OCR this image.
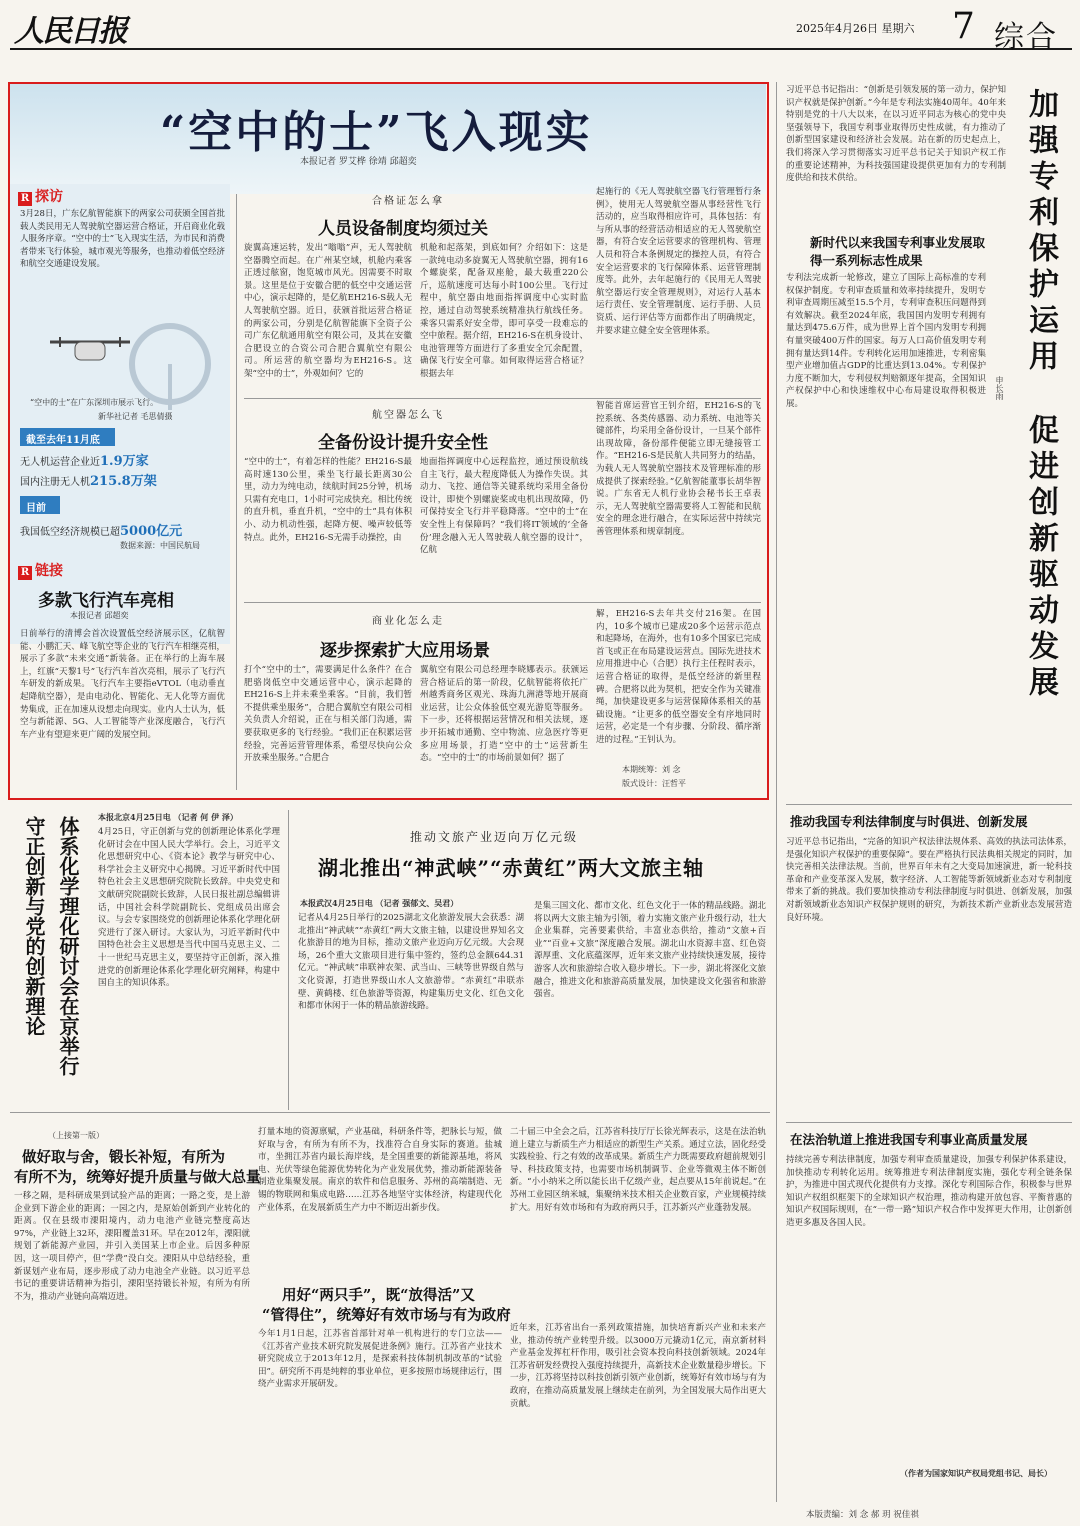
人民日报	2025年4月26日 星期六 7 综合
“空中的士”飞入现实
本报记者 罗艾桦 徐靖 邱超奕
R 探访
3月28日，广东亿航智能旗下的两家公司获颁全国首批载人类民用无人驾驶航空器运营合格证，开启商业化载人服务序章。“空中的士”飞入现实生活，为市民和消费者带来飞行体验，城市观光等服务，也推动着低空经济和航空交通建设发展。
“空中的士”在广东深圳市展示飞行。
新华社记者 毛思倩摄
截至去年11月底
无人机运营企业近1.9万家
国内注册无人机215.8万架
目前
我国低空经济规模已超5000亿元
数据来源：中国民航局
R 链接
多款飞行汽车亮相
本报记者 邱超奕
日前举行的清博会首次设置低空经济展示区，亿航智能、小鹏汇天、峰飞航空等企业的飞行汽车相继亮相，展示了多款“未来交通”新装备。正在举行的上海车展上，红旗“天黎1号”飞行汽车首次亮相，展示了飞行汽车研发的新成果。飞行汽车主要指eVTOL（电动垂直起降航空器），是由电动化、智能化、无人化等方面优势集成，正在加速从设想走向现实。业内人士认为，低空与新能源、5G、人工智能等产业深度融合，飞行汽车产业有望迎来更广阔的发展空间。
合格证怎么拿
人员设备制度均须过关
旋翼高速运转，发出“嗡嗡”声，无人驾驶航空器腾空而起。在广州某空域，机舱内乘客正透过舷窗，饱览城市风光。因需要不时取景。这里是位于安徽合肥的低空中交通运营中心，演示起降的，是亿航EH216-S载人无人驾驶航空器。近日，获颁首批运营合格证的两家公司，分别是亿航智能旗下全资子公司广东亿航通用航空有限公司，及其在安徽合肥设立的合资公司合肥合翼航空有限公司。所运营的航空器均为EH216-S。这架“空中的士”，外观如何？它的
机舱和起落架，到底如何？介绍如下：这是一款纯电动多旋翼无人驾驶航空器，拥有16个螺旋桨，配备双座舱，最大载重220公斤，巡航速度可达每小时100公里。飞行过程中，航空器由地面指挥调度中心实时监控，通过自动驾驶系统精准执行航线任务。乘客只需系好安全带，即可享受一段难忘的空中旅程。据介绍，EH216-S在机身设计、电池管理等方面进行了多重安全冗余配置，确保飞行安全可靠。如何取得运营合格证？根据去年
起施行的《无人驾驶航空器飞行管理暂行条例》，使用无人驾驶航空器从事经营性飞行活动的，应当取得相应许可，具体包括：有与所从事的经营活动相适应的无人驾驶航空器，有符合安全运营要求的管理机构、管理人员和符合本条例规定的操控人员，有符合安全运营要求的飞行保障体系、运营管理制度等。此外，去年起施行的《民用无人驾驶航空器运行安全管理规则》，对运行人基本运行责任、安全管理制度、运行手册、人员资质、运行评估等方面都作出了明确规定，并要求建立健全安全管理体系。
航空器怎么飞
全备份设计提升安全性
“空中的士”，有着怎样的性能？EH216-S最高时速130公里，乘坐飞行最长距离30公里，动力为纯电动，续航时间25分钟，机场只需有充电口，1小时可完成快充。相比传统的直升机，垂直升机，“空中的士”具有体积小、动力机动性强，起降方便、噪声较低等特点。此外，EH216-S无需手动操控，由
地面指挥调度中心远程监控，通过预设航线自主飞行，最大程度降低人为操作失误。其动力、飞控、通信等关键系统均采用全备份设计，即使个别螺旋桨或电机出现故障，仍可保持安全飞行并平稳降落。“空中的士”在安全性上有保障吗？“我们将IT领域的‘全备份’理念融入无人驾驶载人航空器的设计”，亿航
智能首席运营官王钊介绍，EH216-S的飞控系统、各类传感器、动力系统、电池等关键部件，均采用全备份设计，一旦某个部件出现故障，备份部件便能立即无缝接管工作。“EH216-S是民航人共同努力的结晶，为载人无人驾驶航空器技术及管理标准的形成提供了探索经验。”亿航智能董事长胡华智说。广东省无人机行业协会秘书长王卓表示，无人驾驶航空器需要将人工智能和民航安全的理念进行融合，在实际运营中持续完善管理体系和规章制度。
商业化怎么走
逐步探索扩大应用场景
打个“空中的士”，需要满足什么条件？在合肥骆岗低空中交通运营中心，演示起降的EH216-S上并未乘坐乘客。“目前，我们暂不提供乘坐服务”，合肥合翼航空有限公司相关负责人介绍说，正在与相关部门沟通，需要获取更多的飞行经验。“我们正在积累运营经验，完善运营管理体系，希望尽快向公众开放乘坐服务。”合肥合
翼航空有限公司总经理李晓娜表示。获颁运营合格证后的第一阶段，亿航智能将依托广州越秀商务区观光、珠海九洲港等地开展商业运营，让公众体验低空观光游览等服务。下一步，还将根据运营情况和相关法规，逐步开拓城市通勤、空中物流、应急医疗等更多应用场景，打造“空中的士”运营新生态。“空中的士”的市场前景如何？据了
解，EH216-S去年共交付216架。在国内，10多个城市已建成20多个运营示范点和起降场，在海外，也有10多个国家已完成首飞或正在布局建设运营点。国际先进技术应用推进中心（合肥）执行主任程时表示，运营合格证的取得，是低空经济的新里程碑。合肥将以此为契机，把安全作为关键准绳，加快建设更多与运营保障体系相关的基础设施。“让更多的低空器安全有序地同时运营，必定是一个有步骤、分阶段、循序渐进的过程。”王钊认为。
本期统筹：刘 念
版式设计：汪哲平
习近平总书记指出：“创新是引领发展的第一动力，保护知识产权就是保护创新。”今年是专利法实施40周年。40年来特别是党的十八大以来，在以习近平同志为核心的党中央坚强领导下，我国专利事业取得历史性成就，有力推动了创新型国家建设和经济社会发展。站在新的历史起点上，我们将深入学习贯彻落实习近平总书记关于知识产权工作的重要论述精神，为科技强国建设提供更加有力的专利制度供给和技术供给。	加强专利保护运用
促进创新驱动发展
申长雨
新时代以来我国专利事业发展取得一系列标志性成果
专利法完成新一轮修改，建立了国际上高标准的专利权保护制度。专利审查质量和效率持续提升，发明专利审查周期压减至15.5个月，专利审查积压问题得到有效解决。截至2024年底，我国国内发明专利拥有量达到475.6万件，成为世界上首个国内发明专利拥有量突破400万件的国家。每万人口高价值发明专利拥有量达到14件。专利转化运用加速推进，专利密集型产业增加值占GDP的比重达到13.04%。专利保护力度不断加大，专利侵权判赔额逐年提高，全国知识产权保护中心和快速维权中心布局建设取得积极进展。
推动我国专利法律制度与时俱进、创新发展
习近平总书记指出，“完备的知识产权法律法规体系、高效的执法司法体系，是强化知识产权保护的重要保障”。要在严格执行民法典相关规定的同时，加快完善相关法律法规。当前，世界百年未有之大变局加速演进，新一轮科技革命和产业变革深入发展，数字经济、人工智能等新领域新业态对专利制度带来了新的挑战。我们要加快推动专利法律制度与时俱进、创新发展，加强对新领域新业态知识产权保护规则的研究，为新技术新产业新业态发展营造良好环境。
在法治轨道上推进我国专利事业高质量发展
持续完善专利法律制度，加强专利审查质量建设，加强专利保护体系建设，加快推动专利转化运用。统筹推进专利法律制度实施，强化专利全链条保护，为推进中国式现代化提供有力支撑。深化专利国际合作，积极参与世界知识产权组织框架下的全球知识产权治理，推动构建开放包容、平衡普惠的知识产权国际规则，在“一带一路”知识产权合作中发挥更大作用，让创新创造更多惠及各国人民。
（作者为国家知识产权局党组书记、局长）
本版责编：刘 念 郝 玥 祝佳祺
守正创新与党的创新理论 体系化学理化研讨会在京举行	本报北京4月25日电 （记者 何 伊 泽）
4月25日，守正创新与党的创新理论体系化学理化研讨会在中国人民大学举行。会上，习近平文化思想研究中心、《资本论》教学与研究中心、科学社会主义研究中心揭牌。习近平新时代中国特色社会主义思想研究院院长致辞。中央党史和文献研究院副院长致辞，人民日报社副总编辑讲话，中国社会科学院副院长、党组成员出席会议。与会专家围绕党的创新理论体系化学理化研究进行了深入研讨。大家认为，习近平新时代中国特色社会主义思想是当代中国马克思主义、二十一世纪马克思主义，要坚持守正创新，深入推进党的创新理论体系化学理化研究阐释，构建中国自主的知识体系。
推动文旅产业迈向万亿元级
湖北推出“神武峡”“赤黄红”两大文旅主轴
本报武汉4月25日电 （记者 强郁文、吴君）
记者从4月25日举行的2025湖北文化旅游发展大会获悉：湖北推出“神武峡”“赤黄红”两大文旅主轴，以建设世界知名文化旅游目的地为目标，推动文旅产业迈向万亿元级。大会现场，26个重大文旅项目进行集中签约，签约总金额644.31亿元。“神武峡”串联神农架、武当山、三峡等世界级自然与文化资源，打造世界级山水人文旅游带。“赤黄红”串联赤壁、黄鹤楼、红色旅游等资源，构建集历史文化、红色文化和都市休闲于一体的精品旅游线路。
是集三国文化、都市文化、红色文化于一体的精品线路。湖北将以两大文旅主轴为引领，着力实施文旅产业升级行动，壮大企业集群，完善要素供给，丰富业态供给，推动“文旅+百业”“百业+文旅”深度融合发展。湖北山水资源丰富、红色资源厚重、文化底蕴深厚，近年来文旅产业持续快速发展，接待游客人次和旅游综合收入稳步增长。下一步，湖北将深化文旅融合，推进文化和旅游高质量发展，加快建设文化强省和旅游强省。
（上接第一版）
做好取与舍，锻长补短，有所为
有所不为，统筹好提升质量与做大总量
一移之隔，是科研成果到试验产品的距离；一路之变，是上游企业到下游企业的距离；一园之内，是原始创新到产业转化的距离。仅在县级市溧阳境内，动力电池产业链完整度高达97%，产业链上32环，溧阳覆盖31环。早在2012年，溧阳就规划了新能源产业园，并引入美国某上市企业。后因多种原因，这一项目停产，但“学费”没白交。溧阳从中总结经验，重新谋划产业布局，逐步形成了动力电池全产业链。以习近平总书记的重要讲话精神为指引，溧阳坚持锻长补短，有所为有所不为，推动产业链向高端迈进。
打量本地的资源禀赋，产业基础，科研条件等，把脉长与短，做好取与舍，有所为有所不为，找准符合自身实际的赛道。盐城市，坐拥江苏省内最长海岸线，是全国重要的新能源基地，将风电、光伏等绿色能源优势转化为产业发展优势，推动新能源装备制造业集聚发展。南京的软件和信息服务、苏州的高端制造、无锡的物联网和集成电路……江苏各地坚守实体经济，构建现代化产业体系，在发展新质生产力中不断迈出新步伐。
用好“两只手”，既“放得活”又
“管得住”，统筹好有效市场与有为政府
今年1月1日起，江苏省首部针对单一机构进行的专门立法——《江苏省产业技术研究院发展促进条例》施行。江苏省产业技术研究院成立于2013年12月，是探索科技体制机制改革的“试验田”。研究所不再是纯粹的事业单位，更多按照市场规律运行，围绕产业需求开展研发。
二十届三中全会之后，江苏省科技厅厅长徐光辉表示，这是在法治轨道上建立与新质生产力相适应的新型生产关系。通过立法，固化经受实践检验、行之有效的改革成果。新质生产力既需要政府超前规划引导、科技政策支持，也需要市场机制调节、企业等微观主体不断创新。“小小纳米之所以能长出千亿级产业，起点要从15年前说起。”在苏州工业园区纳米城，集聚纳米技术相关企业数百家，产业规模持续扩大。用好有效市场和有为政府两只手，江苏新兴产业蓬勃发展。
近年来，江苏省出台一系列政策措施，加快培育新兴产业和未来产业，推动传统产业转型升级。以3000万元撬动1亿元，南京新材料产业基金发挥杠杆作用，吸引社会资本投向科技创新领域。2024年江苏省研发经费投入强度持续提升，高新技术企业数量稳步增长。下一步，江苏将坚持以科技创新引领产业创新，统筹好有效市场与有为政府，在推动高质量发展上继续走在前列，为全国发展大局作出更大贡献。
